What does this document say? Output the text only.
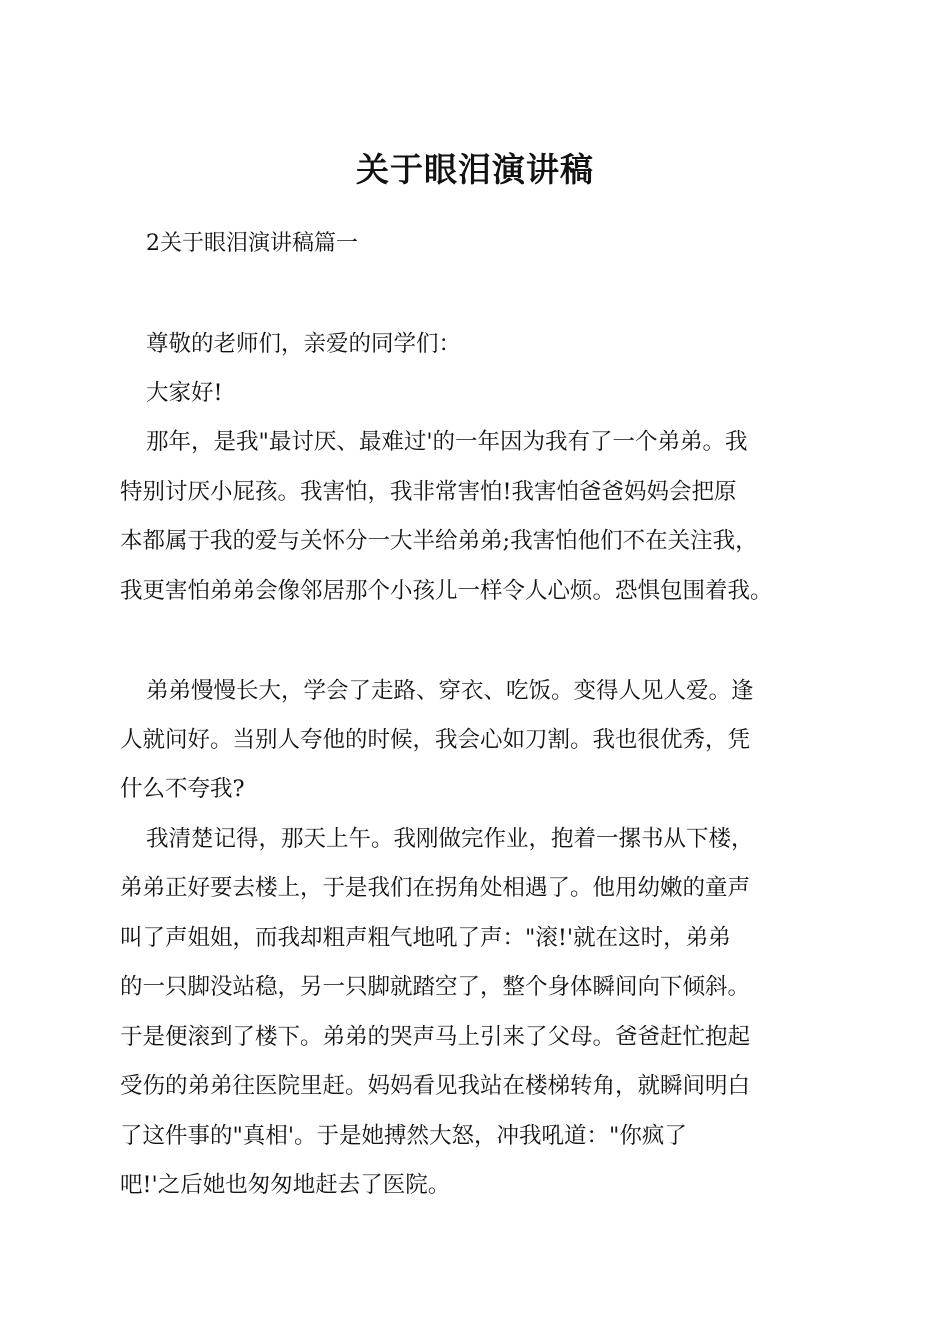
关于眼泪演讲稿
2关于眼泪演讲稿篇一
尊敬的老师们，亲爱的同学们：
大家好!
那年，是我"最讨厌、最难过'的一年因为我有了一个弟弟。我
特别讨厌小屁孩。我害怕，我非常害怕!我害怕爸爸妈妈会把原
本都属于我的爱与关怀分一大半给弟弟;我害怕他们不在关注我，
我更害怕弟弟会像邻居那个小孩儿一样令人心烦。恐惧包围着我。
弟弟慢慢长大，学会了走路、穿衣、吃饭。变得人见人爱。逢
人就问好。当别人夸他的时候，我会心如刀割。我也很优秀，凭
什么不夸我?
我清楚记得，那天上午。我刚做完作业，抱着一摞书从下楼，
弟弟正好要去楼上，于是我们在拐角处相遇了。他用幼嫩的童声
叫了声姐姐，而我却粗声粗气地吼了声："滚!'就在这时，弟弟
的一只脚没站稳，另一只脚就踏空了，整个身体瞬间向下倾斜。
于是便滚到了楼下。弟弟的哭声马上引来了父母。爸爸赶忙抱起
受伤的弟弟往医院里赶。妈妈看见我站在楼梯转角，就瞬间明白
了这件事的"真相'。于是她搏然大怒，冲我吼道："你疯了
吧!'之后她也匆匆地赶去了医院。
